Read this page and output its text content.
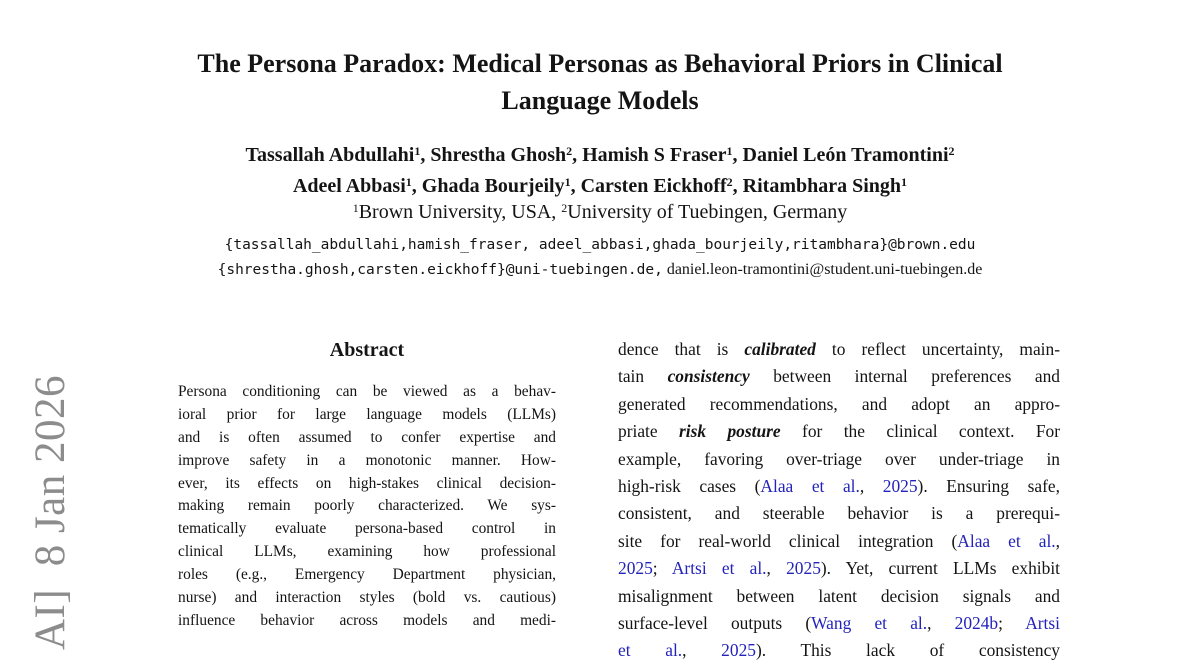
AI]  8 Jan 2026
The Persona Paradox: Medical Personas as Behavioral Priors in Clinical
Language Models
Tassallah Abdullahi$^1$, Shrestha Ghosh$^2$, Hamish S Fraser$^1$, Daniel León Tramontini$^2$
Adeel Abbasi$^1$, Ghada Bourjeily$^1$, Carsten Eickhoff$^2$, Ritambhara Singh$^1$
$^1$Brown University, USA, $^2$University of Tuebingen, Germany
{tassallah_abdullahi,hamish_fraser, adeel_abbasi,ghada_bourjeily,ritambhara}@brown.edu
{shrestha.ghosh,carsten.eickhoff}@uni-tuebingen.de, daniel.leon-tramontini@student.uni-tuebingen.de
Abstract
Persona conditioning can be viewed as a behav-
ioral prior for large language models (LLMs)
and is often assumed to confer expertise and
improve safety in a monotonic manner. How-
ever, its effects on high-stakes clinical decision-
making remain poorly characterized. We sys-
tematically evaluate persona-based control in
clinical LLMs, examining how professional
roles (e.g., Emergency Department physician,
nurse) and interaction styles (bold vs. cautious)
influence behavior across models and medi-
dence that is calibrated to reflect uncertainty, main-
tain consistency between internal preferences and
generated recommendations, and adopt an appro-
priate risk posture for the clinical context. For
example, favoring over-triage over under-triage in
high-risk cases (Alaa et al., 2025). Ensuring safe,
consistent, and steerable behavior is a prerequi-
site for real-world clinical integration (Alaa et al.,
2025; Artsi et al., 2025). Yet, current LLMs exhibit
misalignment between latent decision signals and
surface-level outputs (Wang et al., 2024b; Artsi
et al., 2025). This lack of consistency
